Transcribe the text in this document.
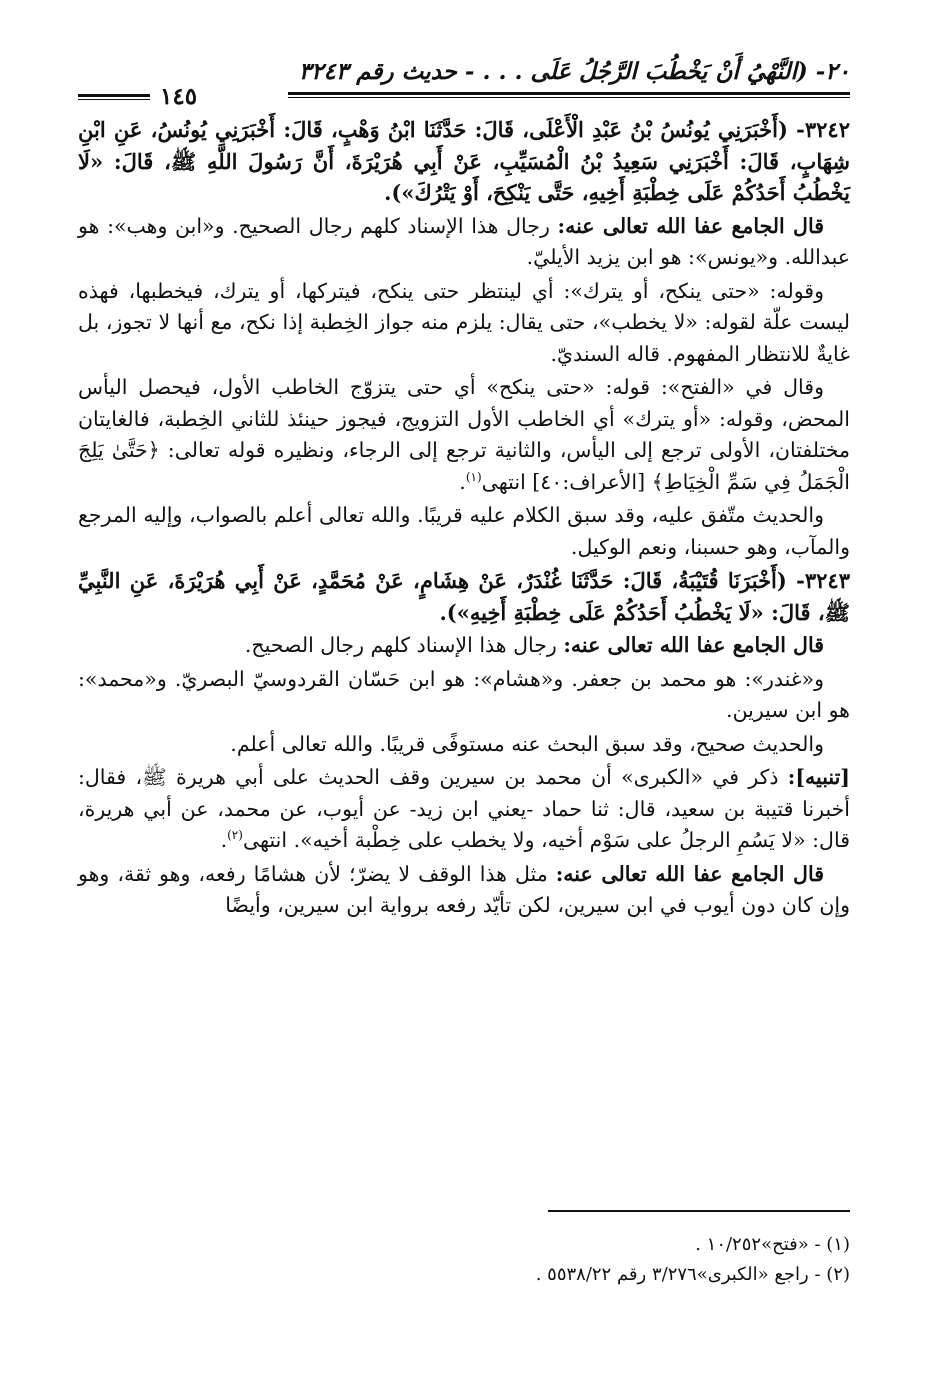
٢٠- (النَّهْيُ أَنْ يَخْطُبَ الرَّجُلُ عَلَى . . . - حديث رقم ٣٢٤٣
١٤٥

٣٢٤٢- (أَخْبَرَنِي يُونُسُ بْنُ عَبْدِ الْأَعْلَى، قَالَ: حَدَّثَنَا ابْنُ وَهْبٍ، قَالَ: أَخْبَرَنِي يُونُسُ، عَنِ ابْنِ شِهَابٍ، قَالَ: أَخْبَرَنِي سَعِيدُ بْنُ الْمُسَيِّبِ، عَنْ أَبِي هُرَيْرَةَ، أَنَّ رَسُولَ اللَّهِ ﷺ، قَالَ: «لَا يَخْطُبُ أَحَدُكُمْ عَلَى خِطْبَةِ أَخِيهِ، حَتَّى يَنْكِحَ، أَوْ يَتْرُكَ»).

قال الجامع عفا الله تعالى عنه: رجال هذا الإسناد كلهم رجال الصحيح. و«ابن وهب»: هو عبدالله. و«يونس»: هو ابن يزيد الأيليّ.

وقوله: «حتى ينكح، أو يترك»: أي لينتظر حتى ينكح، فيتركها، أو يترك، فيخطبها، فهذه ليست علّة لقوله: «لا يخطب»، حتى يقال: يلزم منه جواز الخِطبة إذا نكح، مع أنها لا تجوز، بل غايةٌ للانتظار المفهوم. قاله السنديّ.

وقال في «الفتح»: قوله: «حتى ينكح» أي حتى يتزوّج الخاطب الأول، فيحصل اليأس المحض، وقوله: «أو يترك» أي الخاطب الأول التزويج، فيجوز حينئذ للثاني الخِطبة، فالغايتان مختلفتان، الأولى ترجع إلى اليأس، والثانية ترجع إلى الرجاء، ونظيره قوله تعالى: ﴿حَتَّىٰ يَلِجَ الْجَمَلُ فِي سَمِّ الْخِيَاطِ﴾ [الأعراف:٤٠] انتهى$^{(١)}$.

والحديث متّفق عليه، وقد سبق الكلام عليه قريبًا. والله تعالى أعلم بالصواب، وإليه المرجع والمآب، وهو حسبنا، ونعم الوكيل.

٣٢٤٣- (أَخْبَرَنَا قُتَيْبَةُ، قَالَ: حَدَّثَنَا غُنْدَرٌ، عَنْ هِشَامٍ، عَنْ مُحَمَّدٍ، عَنْ أَبِي هُرَيْرَةَ، عَنِ النَّبِيِّ ﷺ، قَالَ: «لَا يَخْطُبُ أَحَدُكُمْ عَلَى خِطْبَةِ أَخِيهِ»).

قال الجامع عفا الله تعالى عنه: رجال هذا الإسناد كلهم رجال الصحيح.

و«غندر»: هو محمد بن جعفر. و«هشام»: هو ابن حَسّان القردوسيّ البصريّ. و«محمد»: هو ابن سيرين.

والحديث صحيح، وقد سبق البحث عنه مستوفًى قريبًا. والله تعالى أعلم.

[تنبيه]: ذكر في «الكبرى» أن محمد بن سيرين وقف الحديث على أبي هريرة ﷺ، فقال: أخبرنا قتيبة بن سعيد، قال: ثنا حماد -يعني ابن زيد- عن أيوب، عن محمد، عن أبي هريرة، قال: «لا يَسُمِ الرجلُ على سَوْم أخيه، ولا يخطب على خِطْبة أخيه». انتهى$^{(٢)}$.

قال الجامع عفا الله تعالى عنه: مثل هذا الوقف لا يضرّ؛ لأن هشامًا رفعه، وهو ثقة، وهو وإن كان دون أيوب في ابن سيرين، لكن تأيّد رفعه برواية ابن سيرين، وأيضًا

(١) - «فتح»١٠/٢٥٢ .
(٢) - راجع «الكبرى»٣/٢٧٦ رقم ٥٥٣٨/٢٢ .
